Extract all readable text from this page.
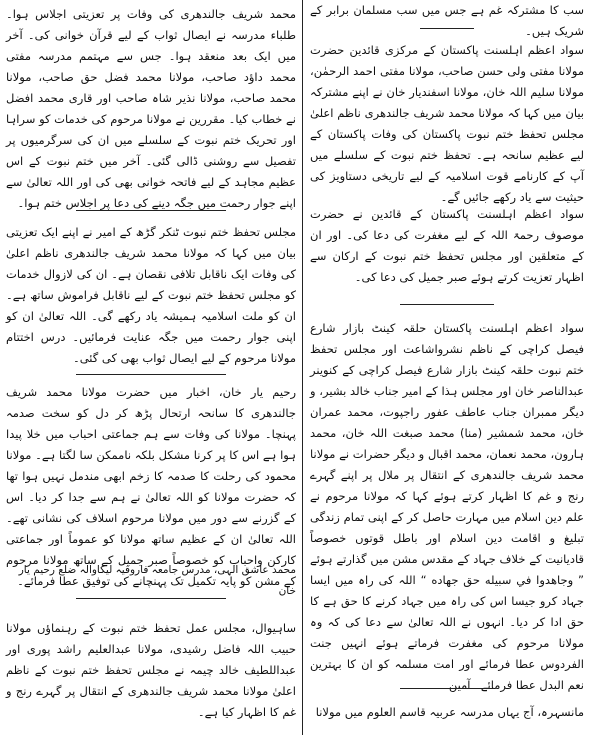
محمد شریف جالندھری کی وفات پر تعزیتی اجلاس ہوا۔ طلباء مدرسہ نے ایصال ثواب کے لیے قرآن خوانی کی۔ آخر میں ایک بعد منعقد ہوا۔ جس سے مہتمم مدرسہ مفتی محمد داؤد صاحب، مولانا محمد فضل حق صاحب، مولانا محمد صاحب، مولانا نذیر شاہ صاحب اور قاری محمد افضل نے خطاب کیا۔ مقررین نے مولانا مرحوم کی خدمات کو سراہا اور تحریک ختم نبوت کے سلسلے میں ان کی سرگرمیوں پر تفصیل سے روشنی ڈالی گئی۔ آخر میں ختم نبوت کے اس عظیم مجاہد کے لیے فاتحہ خوانی بھی کی اور اللہ تعالیٰ سے اپنے جوار رحمت میں جگہ دینے کی دعا پر اجلاس ختم ہوا۔
مجلس تحفظ ختم نبوت ٹنکر گڑھ کے امیر نے اپنے ایک تعزیتی بیان میں کہا کہ مولانا محمد شریف جالندھری ناظم اعلیٰ کی وفات ایک ناقابل تلافی نقصان ہے۔ ان کی لازوال خدمات کو مجلس تحفظ ختم نبوت کے لیے ناقابل فراموش ساتھ ہے۔ ان کو ملت اسلامیہ ہمیشہ یاد رکھے گی۔ اللہ تعالیٰ ان کو اپنی جوار رحمت میں جگہ عنایت فرمائیں۔ درس اختتام مولانا مرحوم کے لیے ایصال ثواب بھی کی گئی۔
رحیم یار خان، اخبار میں حضرت مولانا محمد شریف جالندھری کا سانحہ ارتحال پڑھ کر دل کو سخت صدمہ پہنچا۔ مولانا کی وفات سے ہم جماعتی احباب میں خلا پیدا ہوا ہے اس کا پر کرنا مشکل بلکہ ناممکن سا لگتا ہے۔ مولانا محمود کی رحلت کا صدمہ کا زخم ابھی مندمل نہیں ہوا تھا کہ حضرت مولانا کو اللہ تعالیٰ نے ہم سے جدا کر دیا۔ اس کے گزرنے سے دور میں مولانا مرحوم اسلاف کی نشانی تھے۔ اللہ تعالیٰ ان کے عظیم ساتھ مولانا کو عموماً اور جماعتی کارکن واحباب کو خصوصاً صبر جمیل کے ساتھ مولانا مرحوم کے مشن کو پایہ تکمیل تک پہنچانے کی توفیق عطا فرمائے۔
محمد عاشق الہی، مدرس جامعہ فاروقیہ لیکاوالہ ضلع رحیم یار خان
ساہیوال، مجلس عمل تحفظ ختم نبوت کے رہنماؤں مولانا حبیب اللہ فاضل رشیدی، مولانا عبدالعلیم راشد پوری اور عبداللطیف خالد چیمہ نے مجلس تحفظ ختم نبوت کے ناظم اعلیٰ مولانا محمد شریف جالندھری کے انتقال پر گہرے رنج و غم کا اظہار کیا ہے۔
سب کا مشترکہ غم ہے جس میں سب مسلمان برابر کے شریک ہیں۔
سواد اعظم اہلسنت پاکستان کے مرکزی قائدین حضرت مولانا مفتی ولی حسن صاحب، مولانا مفتی احمد الرحمٰن، مولانا سلیم اللہ خان، مولانا اسفندیار خان نے اپنے مشترکہ بیان میں کہا کہ مولانا محمد شریف جالندھری ناظم اعلیٰ مجلس تحفظ ختم نبوت پاکستان کی وفات پاکستان کے لیے عظیم سانحہ ہے۔ تحفظ ختم نبوت کے سلسلے میں آپ کے کارنامے قوت اسلامیہ کے لیے تاریخی دستاویز کی حیثیت سے یاد رکھے جائیں گے۔
سواد اعظم اہلسنت پاکستان کے قائدین نے حضرت موصوف رحمۃ اللہ کے لیے مغفرت کی دعا کی۔ اور ان کے متعلقین اور مجلس تحفظ ختم نبوت کے ارکان سے اظہار تعزیت کرتے ہوئے صبر جمیل کی دعا کی۔
سواد اعظم اہلسنت پاکستان حلقہ کینٹ بازار شارع فیصل کراچی کے ناظم نشرواشاعت اور مجلس تحفظ ختم نبوت حلقہ کینٹ بازار شارع فیصل کراچی کے کنوینر عبدالناصر خان اور مجلس ہذا کے امیر جناب خالد بشیر، و دیگر ممبران جناب عاطف عفور راجپوت، محمد عمران خان، محمد شمشیر (منا) محمد صبغت اللہ خان، محمد ہارون، محمد نعمان، محمد اقبال و دیگر حضرات نے مولانا محمد شریف جالندھری کے انتقال پر ملال پر اپنے گہرے رنج و غم کا اظہار کرتے ہوئے کہا کہ مولانا مرحوم نے علم دین اسلام میں مہارت حاصل کر کے اپنی تمام زندگی تبلیغ و اقامت دین اسلام اور باطل قوتوں خصوصاً قادیانیت کے خلاف جہاد کے مقدس مشن میں گذارتے ہوئے ” وجاهدوا في سبيله حق جهاده “ اللہ کی راہ میں ایسا جہاد کرو جیسا اس کی راہ میں جہاد کرنے کا حق ہے کا حق ادا کر دیا۔ انہوں نے اللہ تعالیٰ سے دعا کی کہ وہ مولانا مرحوم کی مغفرت فرماتے ہوئے انہیں جنت الفردوس عطا فرمائے اور امت مسلمہ کو ان کا بہترین نعم البدل عطا فرمائے۔ آمین
مانسہرہ، آج یہاں مدرسہ عربیہ قاسم العلوم میں مولانا
